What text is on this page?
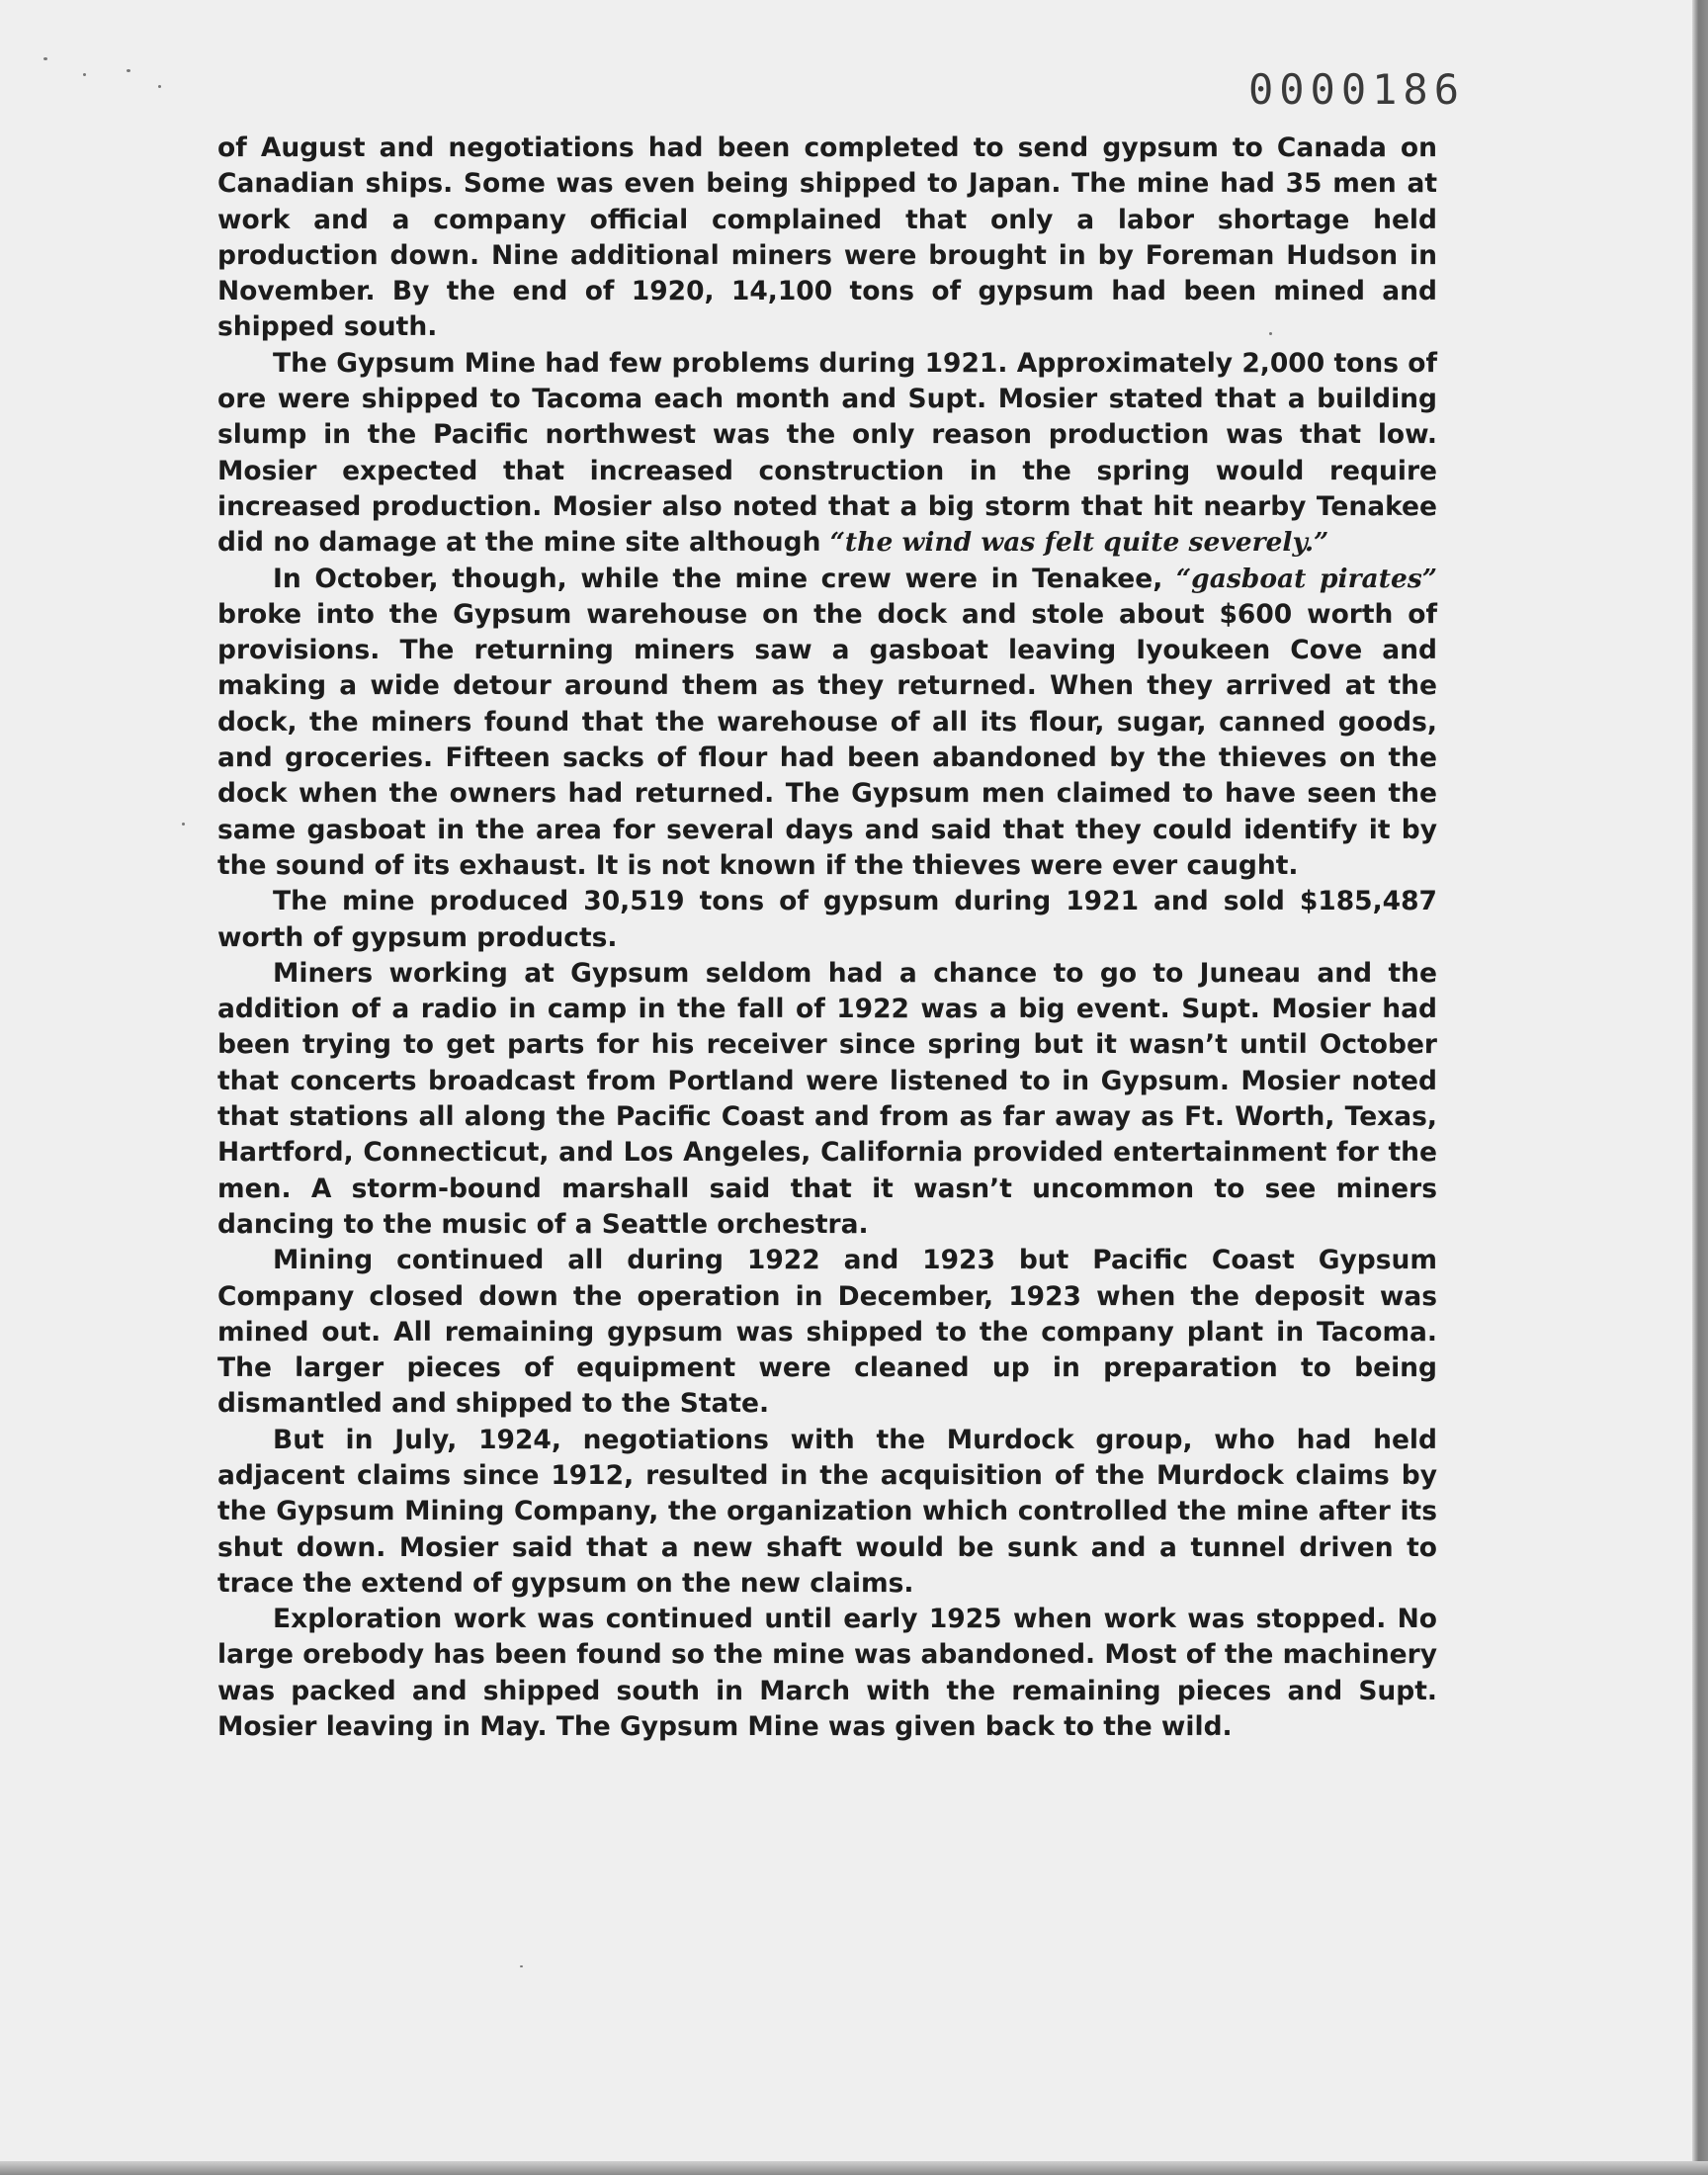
0000186

of August and negotiations had been completed to send gypsum to Canada on Canadian ships. Some was even being shipped to Japan. The mine had 35 men at work and a company official complained that only a labor shortage held production down. Nine additional miners were brought in by Foreman Hudson in November. By the end of 1920, 14,100 tons of gypsum had been mined and shipped south.

The Gypsum Mine had few problems during 1921. Approximately 2,000 tons of ore were shipped to Tacoma each month and Supt. Mosier stated that a building slump in the Pacific northwest was the only reason production was that low. Mosier expected that increased construction in the spring would require increased production. Mosier also noted that a big storm that hit nearby Tenakee did no damage at the mine site although “the wind was felt quite severely.”

In October, though, while the mine crew were in Tenakee, “gasboat pirates” broke into the Gypsum warehouse on the dock and stole about $600 worth of provisions. The returning miners saw a gasboat leaving Iyoukeen Cove and making a wide detour around them as they returned. When they arrived at the dock, the miners found that the warehouse of all its flour, sugar, canned goods, and groceries. Fifteen sacks of flour had been abandoned by the thieves on the dock when the owners had returned. The Gypsum men claimed to have seen the same gasboat in the area for several days and said that they could identify it by the sound of its exhaust. It is not known if the thieves were ever caught.

The mine produced 30,519 tons of gypsum during 1921 and sold $185,487 worth of gypsum products.

Miners working at Gypsum seldom had a chance to go to Juneau and the addition of a radio in camp in the fall of 1922 was a big event. Supt. Mosier had been trying to get parts for his receiver since spring but it wasn’t until October that concerts broadcast from Portland were listened to in Gypsum. Mosier noted that stations all along the Pacific Coast and from as far away as Ft. Worth, Texas, Hartford, Connecticut, and Los Angeles, California provided entertainment for the men. A storm-bound marshall said that it wasn’t uncommon to see miners dancing to the music of a Seattle orchestra.

Mining continued all during 1922 and 1923 but Pacific Coast Gypsum Company closed down the operation in December, 1923 when the deposit was mined out. All remaining gypsum was shipped to the company plant in Tacoma. The larger pieces of equipment were cleaned up in preparation to being dismantled and shipped to the State.

But in July, 1924, negotiations with the Murdock group, who had held adjacent claims since 1912, resulted in the acquisition of the Murdock claims by the Gypsum Mining Company, the organization which controlled the mine after its shut down. Mosier said that a new shaft would be sunk and a tunnel driven to trace the extend of gypsum on the new claims.

Exploration work was continued until early 1925 when work was stopped. No large orebody has been found so the mine was abandoned. Most of the machinery was packed and shipped south in March with the remaining pieces and Supt. Mosier leaving in May. The Gypsum Mine was given back to the wild.
